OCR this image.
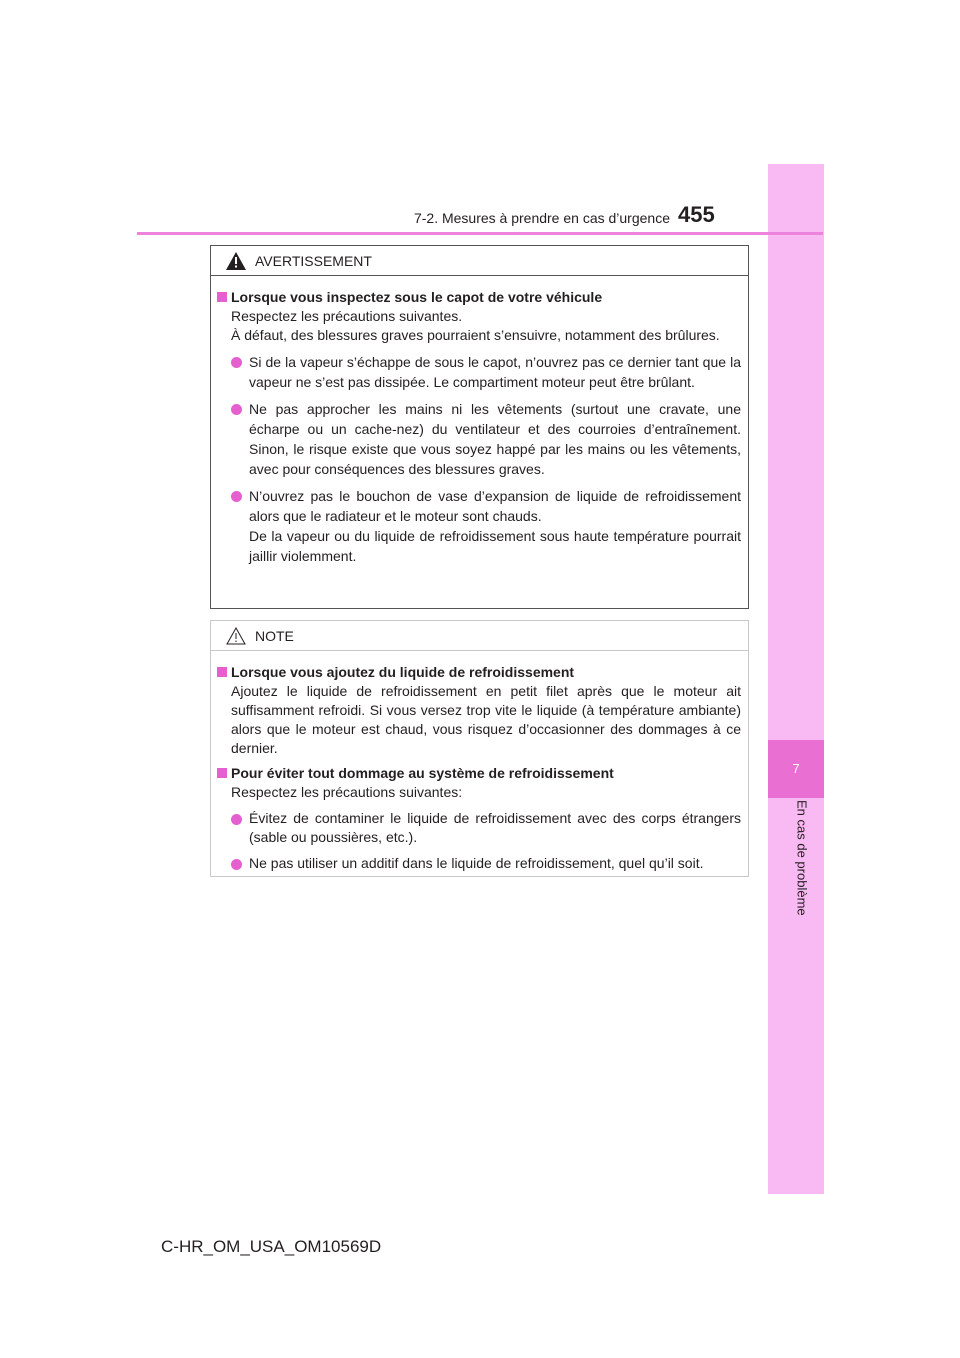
7
En cas de problème
7-2. Mesures à prendre en cas d’urgence 455
AVERTISSEMENT
Lorsque vous inspectez sous le capot de votre véhicule
Respectez les précautions suivantes.
À défaut, des blessures graves pourraient s’ensuivre, notamment des brûlures.
Si de la vapeur s’échappe de sous le capot, n’ouvrez pas ce dernier tant que la vapeur ne s’est pas dissipée. Le compartiment moteur peut être brûlant.
Ne pas approcher les mains ni les vêtements (surtout une cravate, une écharpe ou un cache-nez) du ventilateur et des courroies d’entraînement. Sinon, le risque existe que vous soyez happé par les mains ou les vêtements, avec pour conséquences des blessures graves.
N’ouvrez pas le bouchon de vase d’expansion de liquide de refroidissement alors que le radiateur et le moteur sont chauds.
De la vapeur ou du liquide de refroidissement sous haute température pourrait jaillir violemment.
NOTE
Lorsque vous ajoutez du liquide de refroidissement
Ajoutez le liquide de refroidissement en petit filet après que le moteur ait suffisamment refroidi. Si vous versez trop vite le liquide (à température ambiante) alors que le moteur est chaud, vous risquez d’occasionner des dommages à ce dernier.
Pour éviter tout dommage au système de refroidissement
Respectez les précautions suivantes:
Évitez de contaminer le liquide de refroidissement avec des corps étrangers (sable ou poussières, etc.).
Ne pas utiliser un additif dans le liquide de refroidissement, quel qu’il soit.
C-HR_OM_USA_OM10569D
